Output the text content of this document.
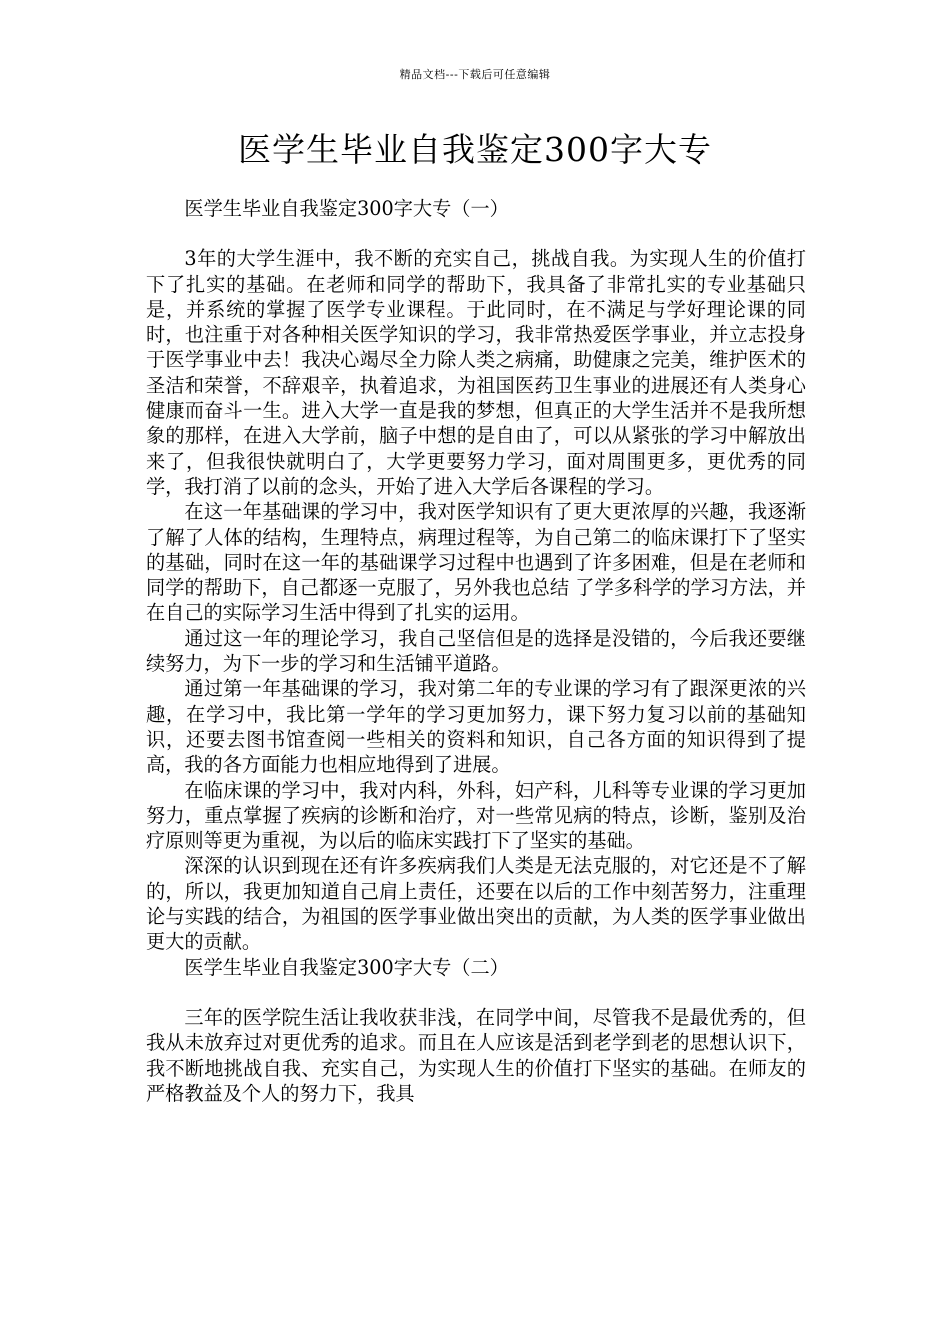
精品文档---下载后可任意编辑
医学生毕业自我鉴定300字大专

医学生毕业自我鉴定300字大专（一）

3年的大学生涯中，我不断的充实自己，挑战自我。为实现人生的价值打下了扎实的基础。在老师和同学的帮助下，我具备了非常扎实的专业基础只是，并系统的掌握了医学专业课程。于此同时，在不满足与学好理论课的同时，也注重于对各种相关医学知识的学习，我非常热爱医学事业，并立志投身于医学事业中去！我决心竭尽全力除人类之病痛，助健康之完美，维护医术的圣洁和荣誉，不辞艰辛，执着追求，为祖国医药卫生事业的进展还有人类身心健康而奋斗一生。进入大学一直是我的梦想，但真正的大学生活并不是我所想象的那样，在进入大学前，脑子中想的是自由了，可以从紧张的学习中解放出来了，但我很快就明白了，大学更要努力学习，面对周围更多，更优秀的同学，我打消了以前的念头，开始了进入大学后各课程的学习。

在这一年基础课的学习中，我对医学知识有了更大更浓厚的兴趣，我逐渐了解了人体的结构，生理特点，病理过程等，为自己第二的临床课打下了坚实的基础，同时在这一年的基础课学习过程中也遇到了许多困难，但是在老师和同学的帮助下，自己都逐一克服了，另外我也总结 了学多科学的学习方法，并在自己的实际学习生活中得到了扎实的运用。

通过这一年的理论学习，我自己坚信但是的选择是没错的，今后我还要继续努力，为下一步的学习和生活铺平道路。

通过第一年基础课的学习，我对第二年的专业课的学习有了跟深更浓的兴趣，在学习中，我比第一学年的学习更加努力，课下努力复习以前的基础知识，还要去图书馆查阅一些相关的资料和知识，自己各方面的知识得到了提高，我的各方面能力也相应地得到了进展。

在临床课的学习中，我对内科，外科，妇产科，儿科等专业课的学习更加努力，重点掌握了疾病的诊断和治疗，对一些常见病的特点，诊断，鉴别及治疗原则等更为重视，为以后的临床实践打下了坚实的基础。

深深的认识到现在还有许多疾病我们人类是无法克服的，对它还是不了解的，所以，我更加知道自己肩上责任，还要在以后的工作中刻苦努力，注重理论与实践的结合，为祖国的医学事业做出突出的贡献，为人类的医学事业做出更大的贡献。

医学生毕业自我鉴定300字大专（二）

三年的医学院生活让我收获非浅，在同学中间，尽管我不是最优秀的，但我从未放弃过对更优秀的追求。而且在人应该是活到老学到老的思想认识下，我不断地挑战自我、充实自己，为实现人生的价值打下坚实的基础。在师友的严格教益及个人的努力下，我具
